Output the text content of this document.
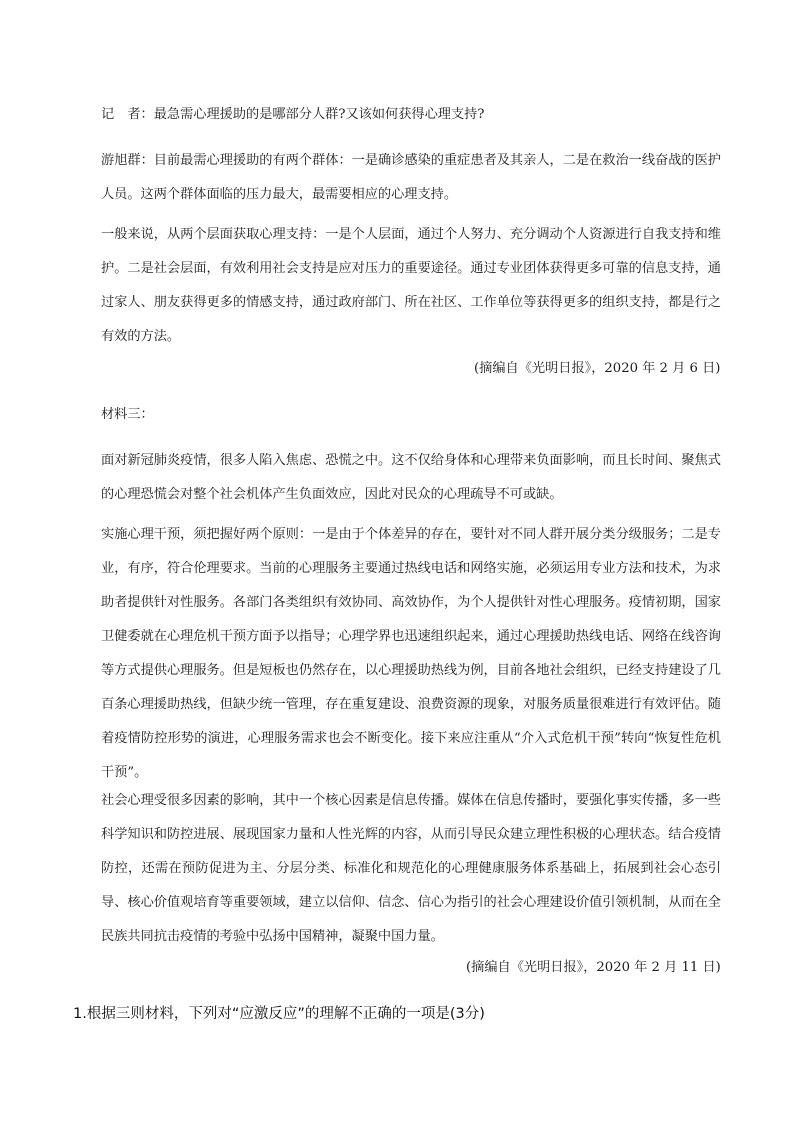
记　者：最急需心理援助的是哪部分人群?又该如何获得心理支持?

游旭群：目前最需心理援助的有两个群体：一是确诊感染的重症患者及其亲人，二是在救治一线奋战的医护人员。这两个群体面临的压力最大，最需要相应的心理支持。

一般来说，从两个层面获取心理支持：一是个人层面，通过个人努力、充分调动个人资源进行自我支持和维护。二是社会层面，有效利用社会支持是应对压力的重要途径。通过专业团体获得更多可靠的信息支持，通过家人、朋友获得更多的情感支持，通过政府部门、所在社区、工作单位等获得更多的组织支持，都是行之有效的方法。

(摘编自《光明日报》，2020 年 2 月 6 日)
材料三：

面对新冠肺炎疫情，很多人陷入焦虑、恐慌之中。这不仅给身体和心理带来负面影响，而且长时间、聚焦式的心理恐慌会对整个社会机体产生负面效应，因此对民众的心理疏导不可或缺。

实施心理干预，须把握好两个原则：一是由于个体差异的存在，要针对不同人群开展分类分级服务；二是专业，有序，符合伦理要求。当前的心理服务主要通过热线电话和网络实施，必须运用专业方法和技术，为求助者提供针对性服务。各部门各类组织有效协同、高效协作，为个人提供针对性心理服务。疫情初期，国家卫健委就在心理危机干预方面予以指导；心理学界也迅速组织起来，通过心理援助热线电话、网络在线咨询等方式提供心理服务。但是短板也仍然存在，以心理援助热线为例，目前各地社会组织，已经支持建设了几百条心理援助热线，但缺少统一管理，存在重复建设、浪费资源的现象，对服务质量很难进行有效评估。随着疫情防控形势的演进，心理服务需求也会不断变化。接下来应注重从“介入式危机干预”转向“恢复性危机干预”。

社会心理受很多因素的影响，其中一个核心因素是信息传播。媒体在信息传播时，要强化事实传播，多一些科学知识和防控进展、展现国家力量和人性光辉的内容，从而引导民众建立理性积极的心理状态。结合疫情防控，还需在预防促进为主、分层分类、标准化和规范化的心理健康服务体系基础上，拓展到社会心态引导、核心价值观培育等重要领域，建立以信仰、信念、信心为指引的社会心理建设价值引领机制，从而在全民族共同抗击疫情的考验中弘扬中国精神，凝聚中国力量。

(摘编自《光明日报》，2020 年 2 月 11 日)
1.根据三则材料，下列对“应激反应”的理解不正确的一项是(3分)
